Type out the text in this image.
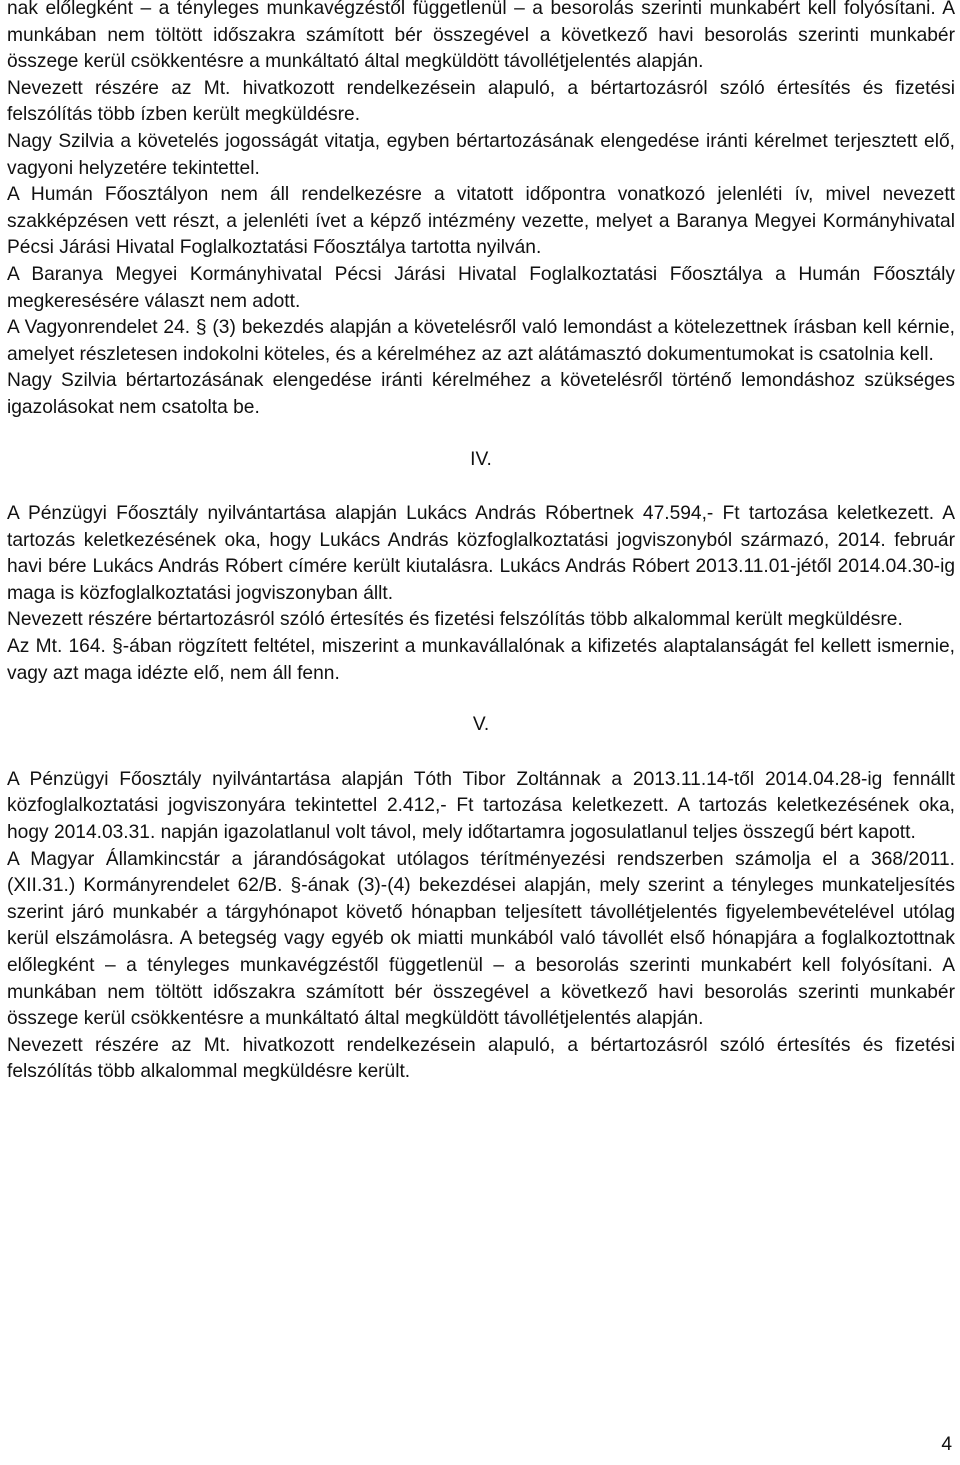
nak előlegként – a tényleges munkavégzéstől függetlenül – a besorolás szerinti munkabért kell folyósítani. A munkában nem töltött időszakra számított bér összegével a következő havi besorolás szerinti munkabér összege kerül csökkentésre a munkáltató által megküldött távollétjelentés alapján.

Nevezett részére az Mt. hivatkozott rendelkezésein alapuló, a bértartozásról szóló értesítés és fizetési felszólítás több ízben került megküldésre.

Nagy Szilvia a követelés jogosságát vitatja, egyben bértartozásának elengedése iránti kérelmet terjesztett elő, vagyoni helyzetére tekintettel.

A Humán Főosztályon nem áll rendelkezésre a vitatott időpontra vonatkozó jelenléti ív, mivel nevezett szakképzésen vett részt, a jelenléti ívet a képző intézmény vezette, melyet a Baranya Megyei Kormányhivatal Pécsi Járási Hivatal Foglalkoztatási Főosztálya tartotta nyilván.

A Baranya Megyei Kormányhivatal Pécsi Járási Hivatal Foglalkoztatási Főosztálya a Humán Főosztály megkeresésére választ nem adott.

A Vagyonrendelet 24. § (3) bekezdés alapján a követelésről való lemondást a kötelezettnek írásban kell kérnie, amelyet részletesen indokolni köteles, és a kérelméhez az azt alátámasztó dokumentumokat is csatolnia kell.

Nagy Szilvia bértartozásának elengedése iránti kérelméhez a követelésről történő lemondáshoz szükséges igazolásokat nem csatolta be.

IV.

A Pénzügyi Főosztály nyilvántartása alapján Lukács András Róbertnek 47.594,- Ft tartozása keletkezett. A tartozás keletkezésének oka, hogy Lukács András közfoglalkoztatási jogviszonyból származó, 2014. február havi bére Lukács András Róbert címére került kiutalásra. Lukács András Róbert 2013.11.01-jétől 2014.04.30-ig maga is közfoglalkoztatási jogviszonyban állt.

Nevezett részére bértartozásról szóló értesítés és fizetési felszólítás több alkalommal került megküldésre.

Az Mt. 164. §-ában rögzített feltétel, miszerint a munkavállalónak a kifizetés alaptalanságát fel kellett ismernie, vagy azt maga idézte elő, nem áll fenn.

V.

A Pénzügyi Főosztály nyilvántartása alapján Tóth Tibor Zoltánnak a 2013.11.14-től 2014.04.28-ig fennállt közfoglalkoztatási jogviszonyára tekintettel 2.412,- Ft tartozása keletkezett. A tartozás keletkezésének oka, hogy 2014.03.31. napján igazolatlanul volt távol, mely időtartamra jogosulatlanul teljes összegű bért kapott.

A Magyar Államkincstár a járandóságokat utólagos térítményezési rendszerben számolja el a 368/2011. (XII.31.) Kormányrendelet 62/B. §-ának (3)-(4) bekezdései alapján, mely szerint a tényleges munkateljesítés szerint járó munkabér a tárgyhónapot követő hónapban teljesített távollétjelentés figyelembevételével utólag kerül elszámolásra. A betegség vagy egyéb ok miatti munkából való távollét első hónapjára a foglalkoztottnak előlegként – a tényleges munkavégzéstől függetlenül – a besorolás szerinti munkabért kell folyósítani. A munkában nem töltött időszakra számított bér összegével a következő havi besorolás szerinti munkabér összege kerül csökkentésre a munkáltató által megküldött távollétjelentés alapján.

Nevezett részére az Mt. hivatkozott rendelkezésein alapuló, a bértartozásról szóló értesítés és fizetési felszólítás több alkalommal megküldésre került.

4
